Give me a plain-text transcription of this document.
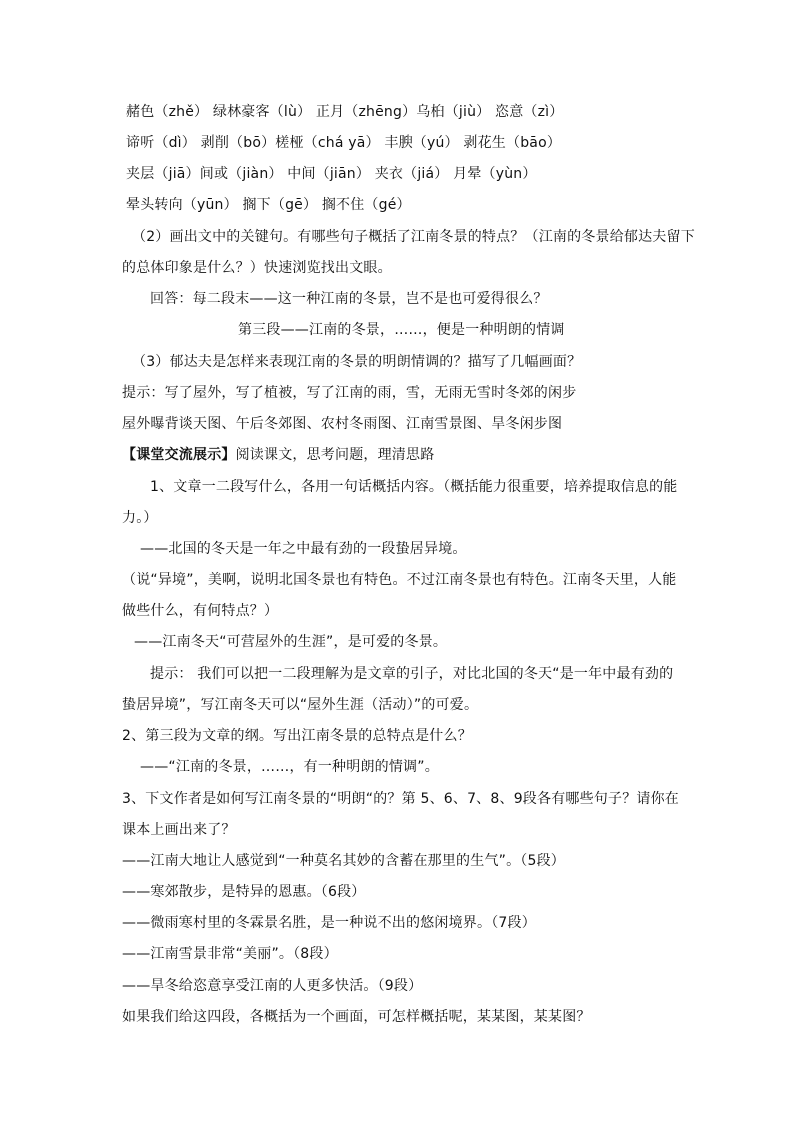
赭色（zhě） 绿林豪客（lù） 正月（zhēng）乌桕（jiù） 恣意（zì）
谛听（dì） 剥削（bō）槎桠（chá yā） 丰腴（yú） 剥花生（bāo）
夹层（jiā）间或（jiàn） 中间（jiān） 夹衣（jiá） 月晕（yùn）
晕头转向（yūn） 搁下（gē） 搁不住（gé）
（2）画出文中的关键句。有哪些句子概括了江南冬景的特点？（江南的冬景给郁达夫留下
的总体印象是什么？）快速浏览找出文眼。
回答：每二段末——这一种江南的冬景，岂不是也可爱得很么？
第三段——江南的冬景，……，便是一种明朗的情调
（3）郁达夫是怎样来表现江南的冬景的明朗情调的？描写了几幅画面？
提示：写了屋外，写了植被，写了江南的雨，雪，无雨无雪时冬郊的闲步
屋外曝背谈天图、午后冬郊图、农村冬雨图、江南雪景图、旱冬闲步图
【课堂交流展示】阅读课文，思考问题，理清思路
1、文章一二段写什么，各用一句话概括内容。（概括能力很重要，培养提取信息的能
力。）
——北国的冬天是一年之中最有劲的一段蛰居异境。
（说“异境”，美啊，说明北国冬景也有特色。不过江南冬景也有特色。江南冬天里，人能
做些什么，有何特点？）
——江南冬天“可营屋外的生涯”，是可爱的冬景。
提示： 我们可以把一二段理解为是文章的引子，对比北国的冬天“是一年中最有劲的
蛰居异境”，写江南冬天可以“屋外生涯（活动）”的可爱。
2、第三段为文章的纲。写出江南冬景的总特点是什么？
——“江南的冬景，……，有一种明朗的情调”。
3、下文作者是如何写江南冬景的“明朗“的？第 5、6、7、8、9段各有哪些句子？请你在
课本上画出来了？
——江南大地让人感觉到“一种莫名其妙的含蓄在那里的生气”。（5段）
——寒郊散步，是特异的恩惠。（6段）
——微雨寒村里的冬霖景名胜，是一种说不出的悠闲境界。（7段）
——江南雪景非常“美丽”。（8段）
——旱冬给恣意享受江南的人更多快活。（9段）
如果我们给这四段，各概括为一个画面，可怎样概括呢，某某图，某某图？
